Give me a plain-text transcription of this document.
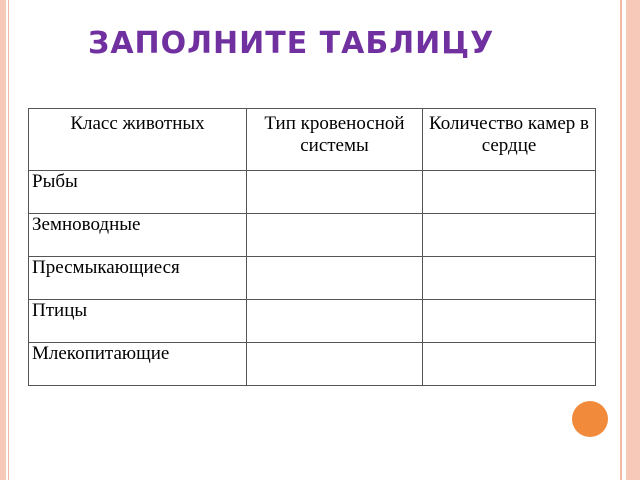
ЗАПОЛНИТЕ ТАБЛИЦУ
Класс животных	Тип кровеносной системы	Количество камер в сердце

Рыбы		

Земноводные		

Пресмыкающиеся		

Птицы		

Млекопитающие		
